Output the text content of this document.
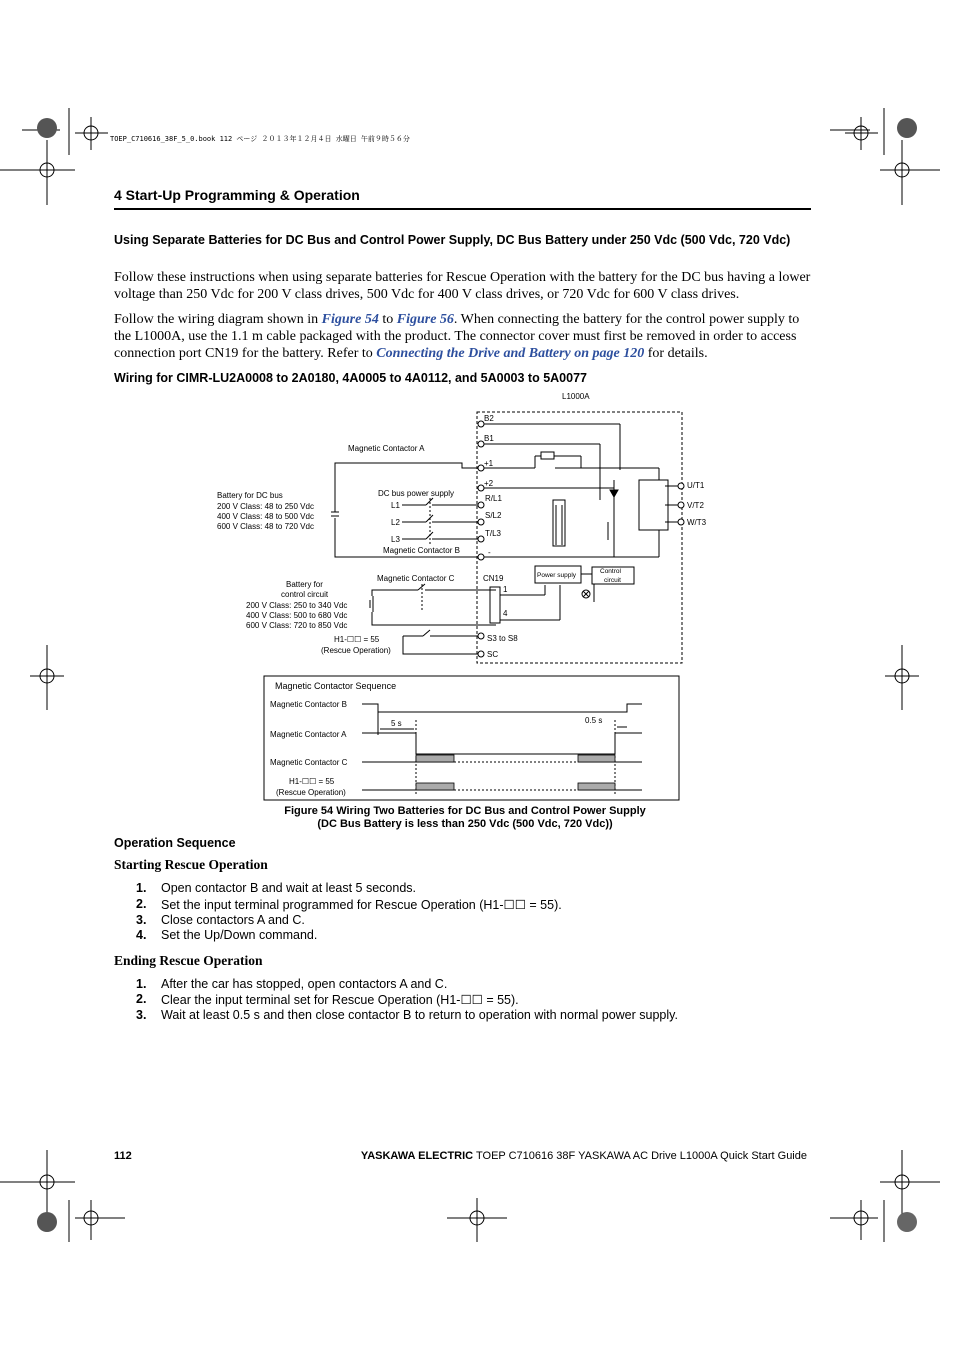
TOEP_C710616_38F_5_0.book 112 ページ ２０１３年１２月４日 水曜日 午前９時５６分
4 Start-Up Programming & Operation
Using Separate Batteries for DC Bus and Control Power Supply, DC Bus Battery under 250 Vdc (500 Vdc, 720 Vdc)
Follow these instructions when using separate batteries for Rescue Operation with the battery for the DC bus having a lower voltage than 250 Vdc for 200 V class drives, 500 Vdc for 400 V class drives, or 720 Vdc for 600 V class drives.
Follow the wiring diagram shown in Figure 54 to Figure 56. When connecting the battery for the control power supply to the L1000A, use the 1.1 m cable packaged with the product. The connector cover must first be removed in order to access connection port CN19 for the battery. Refer to Connecting the Drive and Battery on page 120 for details.
Wiring for CIMR-LU2A0008 to 2A0180, 4A0005 to 4A0112, and 5A0003 to 5A0077
L1000A
Magnetic Contactor A
Battery for DC bus
200 V Class: 48 to 250 Vdc
400 V Class: 48 to 500 Vdc
600 V Class: 48 to 720 Vdc
DC bus power supply
L1
L2
L3
Magnetic Contactor B
B2
B1
+1
+2
R/L1
S/L2
T/L3
-
U/T1
V/T2
W/T3
Magnetic Contactor C	CN19
1
4
Battery for
control circuit
200 V Class: 250 to 340 Vdc
400 V Class: 500 to 680 Vdc
600 V Class: 720 to 850 Vdc
H1-☐☐ = 55
(Rescue Operation)
S3 to S8
SC
Power supply
Control
circuit
Magnetic Contactor Sequence
Magnetic Contactor B
Magnetic Contactor A
Magnetic Contactor C
H1-☐☐ = 55
(Rescue Operation)
5 s	0.5 s
Figure 54 Wiring Two Batteries for DC Bus and Control Power Supply
(DC Bus Battery is less than 250 Vdc (500 Vdc, 720 Vdc))
Operation Sequence
Starting Rescue Operation
1. Open contactor B and wait at least 5 seconds.
2. Set the input terminal programmed for Rescue Operation (H1-☐☐ = 55).
3. Close contactors A and C.
4. Set the Up/Down command.
Ending Rescue Operation
1. After the car has stopped, open contactors A and C.
2. Clear the input terminal set for Rescue Operation (H1-☐☐ = 55).
3. Wait at least 0.5 s and then close contactor B to return to operation with normal power supply.
112	YASKAWA ELECTRIC TOEP C710616 38F YASKAWA AC Drive L1000A Quick Start Guide
